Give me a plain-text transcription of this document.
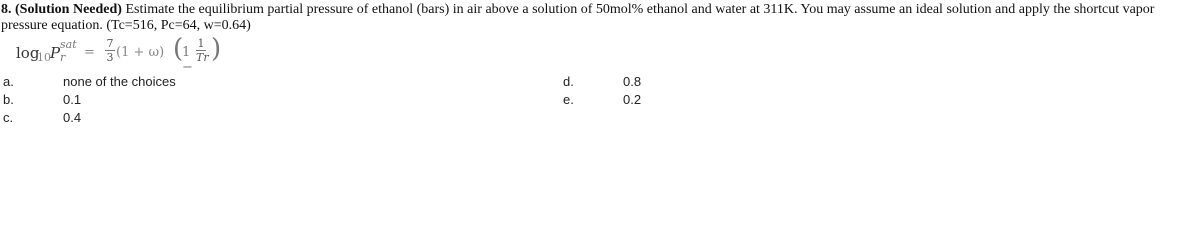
8. (Solution Needed) Estimate the equilibrium partial pressure of ethanol (bars) in air above a solution of 50mol% ethanol and water at 311K. You may assume an ideal solution and apply the shortcut vapor pressure equation. (Tc=516, Pc=64, w=0.64)
log
10 P sat
r =
7
3 (1 + ω) (
1 −
1
Tr )
a.	none of the choices
b.	0.1
c.	0.4
d.	0.8
e.	0.2
